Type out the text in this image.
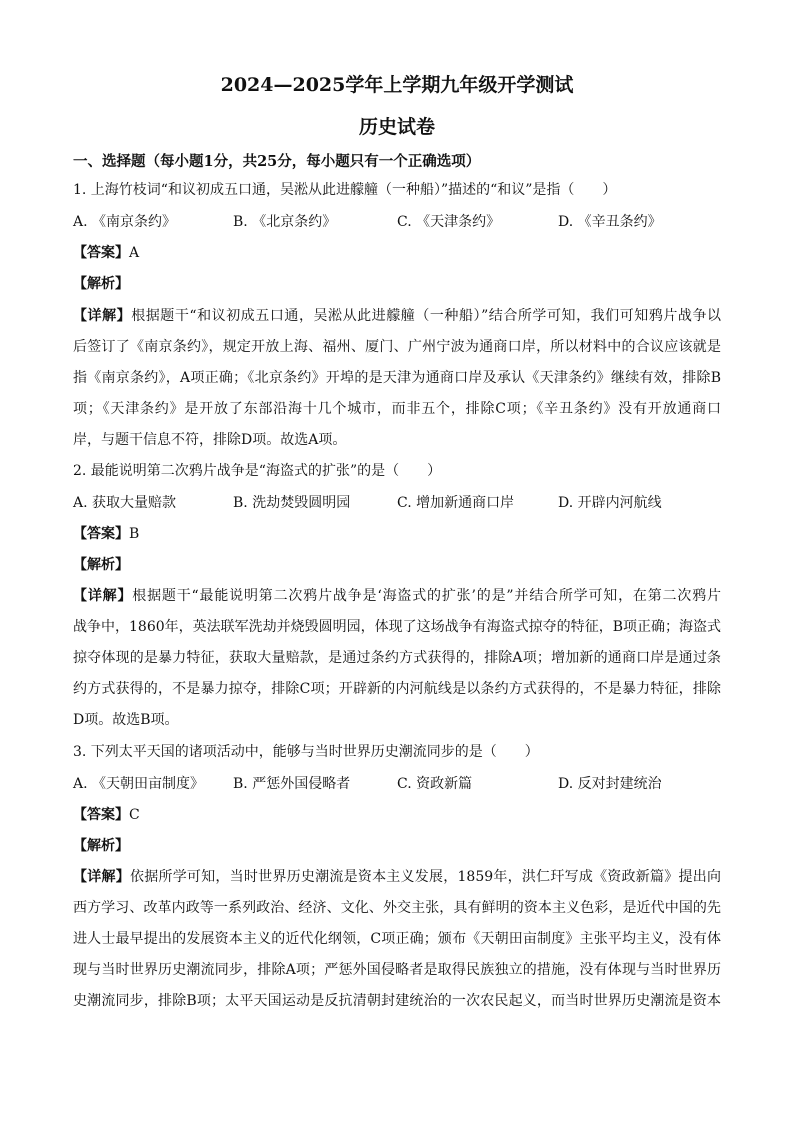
2024—2025学年上学期九年级开学测试
历史试卷
一、选择题（每小题1分，共25分，每小题只有一个正确选项）
1. 上海竹枝词“和议初成五口通，吴淞从此进艨艟（一种船）”描述的“和议”是指（　　）
A. 《南京条约》	B. 《北京条约》	C. 《天津条约》	D. 《辛丑条约》
【答案】A
【解析】
【详解】根据题干“和议初成五口通，吴淞从此进艨艟（一种船）”结合所学可知，我们可知鸦片战争以
后签订了《南京条约》，规定开放上海、福州、厦门、广州宁波为通商口岸，所以材料中的合议应该就是
指《南京条约》，A项正确；《北京条约》开埠的是天津为通商口岸及承认《天津条约》继续有效，排除B
项；《天津条约》是开放了东部沿海十几个城市，而非五个，排除C项；《辛丑条约》没有开放通商口
岸，与题干信息不符，排除D项。故选A项。
2. 最能说明第二次鸦片战争是“海盗式的扩张”的是（　　）
A. 获取大量赔款	B. 洗劫焚毁圆明园	C. 增加新通商口岸	D. 开辟内河航线
【答案】B
【解析】
【详解】根据题干“最能说明第二次鸦片战争是‘海盗式的扩张’的是”并结合所学可知，在第二次鸦片
战争中，1860年，英法联军洗劫并烧毁圆明园，体现了这场战争有海盗式掠夺的特征，B项正确；海盗式
掠夺体现的是暴力特征，获取大量赔款，是通过条约方式获得的，排除A项；增加新的通商口岸是通过条
约方式获得的，不是暴力掠夺，排除C项；开辟新的内河航线是以条约方式获得的，不是暴力特征，排除
D项。故选B项。
3. 下列太平天国的诸项活动中，能够与当时世界历史潮流同步的是（　　）
A. 《天朝田亩制度》 B. 严惩外国侵略者	C. 资政新篇	D. 反对封建统治
【答案】C
【解析】
【详解】依据所学可知，当时世界历史潮流是资本主义发展，1859年，洪仁玕写成《资政新篇》提出向
西方学习、改革内政等一系列政治、经济、文化、外交主张，具有鲜明的资本主义色彩，是近代中国的先
进人士最早提出的发展资本主义的近代化纲领，C项正确；颁布《天朝田亩制度》主张平均主义，没有体
现与当时世界历史潮流同步，排除A项；严惩外国侵略者是取得民族独立的措施，没有体现与当时世界历
史潮流同步，排除B项；太平天国运动是反抗清朝封建统治的一次农民起义，而当时世界历史潮流是资本
